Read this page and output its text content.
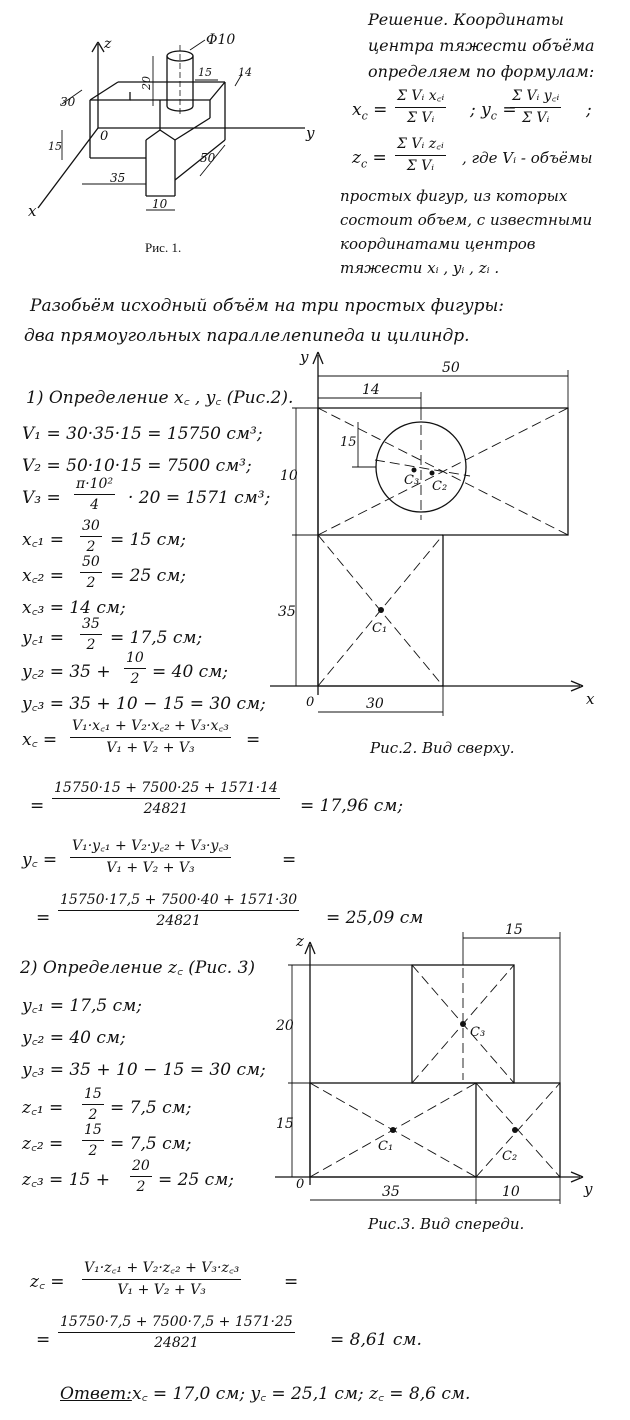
z
y
x
0
Φ10
20
15 14
30
15
50
35
10
Рис. 1.
Решение. Координаты
центра тяжести объёма
определяем по формулам:
$x_c = \frac{\text{Σ Vᵢ x꜀ᵢ}}{\text{Σ Vᵢ}}$ ; $y_c$ =
$\frac{\text{Σ Vᵢ y꜀ᵢ}}{\text{Σ Vᵢ}}$ ;
$z_c = \frac{\text{Σ Vᵢ z꜀ᵢ}}{\text{Σ Vᵢ}}$ , где Vᵢ - объёмы
простых фигур, из которых
состоит объем, с известными
координатами центров
тяжести xᵢ , yᵢ , zᵢ .
Разобьём исходный объём на три простых фигуры:
два прямоугольных параллелепипеда и цилиндр.
y
x
0
50
14
15
10
35
30
C₁
C₂
C₃
Рис.2. Вид сверху.
1) Определение x꜀ , y꜀ (Рис.2).
V₁ = 30·35·15 = 15750 см³;
V₂ = 50·10·15 = 7500 см³;
$V_3 = \frac{\text{π·10²}}{4} \cdot 20 = 1571$ см³;
x꜀₁ = $\frac{30}{2} = 15$ см;
x꜀₂ = $\frac{50}{2} = 25$ см;
x꜀₃ = 14 см;
y꜀₁ = $\frac{35}{2} = 17,5$ см;
y꜀₂ = $35 + \frac{10}{2} = 40$ см;
y꜀₃ = 35 + 10 − 15 = 30 см;
x꜀ = $\frac{\text{V₁·x꜀₁ + V₂·x꜀₂ + V₃·x꜀₃}}{\text{V₁ + V₂ + V₃}}$ =
= $\frac{15750\cdot 15 + 7500\cdot 25 + 1571\cdot 14}{24821} = 17,96$ см;
y꜀ = $\frac{\text{V₁·y꜀₁ + V₂·y꜀₂ + V₃·y꜀₃}}{\text{V₁ + V₂ + V₃}}$	=
= $\frac{15750\cdot 17,5 + 7500\cdot 40 + 1571\cdot 30}{24821} = 25,09$ см
z
y
0
15
20
15
35	10
C₁
C₂
C₃
Рис.3. Вид спереди.
2) Определение z꜀ (Рис. 3)
y꜀₁ = 17,5 см;
y꜀₂ = 40 см;
y꜀₃ = 35 + 10 − 15 = 30 см;
z꜀₁ = $\frac{15}{2} = 7,5$ см;
z꜀₂ = $\frac{15}{2} = 7,5$ см;
z꜀₃ = $15 + \frac{20}{2} = 25$ см;
z꜀ = $\frac{\text{V₁·z꜀₁ + V₂·z꜀₂ + V₃·z꜀₃}}{\text{V₁ + V₂ + V₃}}$	=
= $\frac{15750\cdot 7,5 + 7500\cdot 7,5 + 1571\cdot 25}{24821} = 8,61$ см.
Ответ: x꜀ = 17,0 см; y꜀ = 25,1 см; z꜀ = 8,6 см.
